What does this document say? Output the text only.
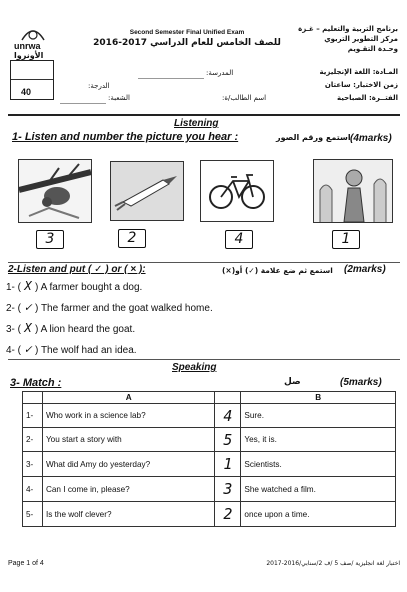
unrwa
الأونروا
Second Semester Final Unified Exam
للصف الخامس للعام الدراسي 2017-2016
برنامج التربية والتعليم – غـزة
مركز التطوير التربوي
وحـدة التقـويم
40
المدرسة:
الدرجة:
اسم الطالب/ة:
الشعبة:
المـادة: اللغة الإنجليزية
زمن الاختبار: ساعتان
الفتــرة: الصباحية
Listening
1- Listen and number the picture you hear :	استمع ورقم الصور (4marks)
3	2	4	1
2-Listen and put ( ✓ ) or ( × ):	استمع ثم ضع علامة (✓) أو(×) (2marks)
1- ( X ) A farmer bought a dog.
2- ( ✓ ) The farmer and the goat walked home.
3- ( X ) A lion heard the goat.
4- ( ✓ ) The wolf had an idea.
Speaking
3- Match :	صل	(5marks)
	A		B
1-	Who work in a science lab?	4	Sure.
2-	You start a story with	5	Yes, it is.
3-	What did Amy do yesterday?	1	Scientists.
4-	Can I come in, please?	3	She watched a film.
5-	Is the wolf clever?	2	once upon a time.
Page 1 of 4	اختبار لغة انجليزية /صف 5 /ف 2/سنابي/2016-2017
